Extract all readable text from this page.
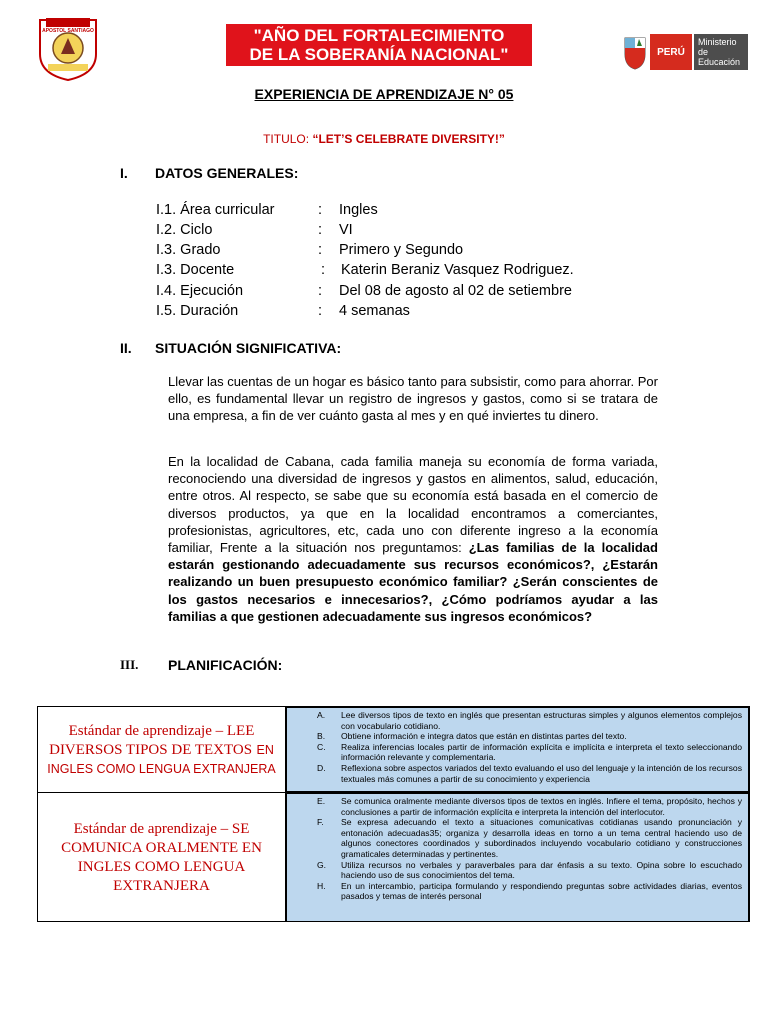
APOSTOL SANTIAGO	"AÑO DEL FORTALECIMIENTO
DE LA SOBERANÍA NACIONAL"	PERÚ
Ministerio
de Educación
EXPERIENCIA DE APRENDIZAJE N° 05
TITULO: “LET’S CELEBRATE DIVERSITY!”
I. DATOS GENERALES:
I.1. Área curricular	: Ingles
I.2. Ciclo	: VI
I.3. Grado	: Primero y Segundo
I.3. Docente	: Katerin Beraniz Vasquez Rodriguez.
I.4. Ejecución	: Del 08 de agosto al 02 de setiembre
I.5. Duración	: 4 semanas
II. SITUACIÓN SIGNIFICATIVA:
Llevar las cuentas de un hogar es básico tanto para subsistir, como para ahorrar. Por ello, es fundamental llevar un registro de ingresos y gastos, como si se tratara de una empresa, a fin de ver cuánto gasta al mes y en qué inviertes tu dinero.
En la localidad de Cabana, cada familia maneja su economía de forma variada, reconociendo una diversidad de ingresos y gastos en alimentos, salud, educación, entre otros. Al respecto, se sabe que su economía está basada en el comercio de diversos productos, ya que en la localidad encontramos a comerciantes, profesionistas, agricultores, etc, cada uno con diferente ingreso a la economía familiar, Frente a la situación nos preguntamos: ¿Las familias de la localidad estarán gestionando adecuadamente sus recursos económicos?, ¿Estarán realizando un buen presupuesto económico familiar? ¿Serán conscientes de los gastos necesarios e innecesarios?, ¿Cómo podríamos ayudar a las familias a que gestionen adecuadamente sus ingresos económicos?
III. PLANIFICACIÓN:
Estándar de aprendizaje – LEE DIVERSOS TIPOS DE TEXTOS EN INGLES COMO LENGUA EXTRANJERA
A. Lee diversos tipos de texto en inglés que presentan estructuras simples y algunos elementos complejos con vocabulario cotidiano.
B. Obtiene información e integra datos que están en distintas partes del texto.
C. Realiza inferencias locales partir de información explícita e implícita e interpreta el texto seleccionando información relevante y complementaria.
D. Reflexiona sobre aspectos variados del texto evaluando el uso del lenguaje y la intención de los recursos textuales más comunes a partir de su conocimiento y experiencia
Estándar de aprendizaje – SE COMUNICA ORALMENTE EN INGLES COMO LENGUA EXTRANJERA
E. Se comunica oralmente mediante diversos tipos de textos en inglés. Infiere el tema, propósito, hechos y conclusiones a partir de información explícita e interpreta la intención del interlocutor.
F. Se expresa adecuando el texto a situaciones comunicativas cotidianas usando pronunciación y entonación adecuadas35; organiza y desarrolla ideas en torno a un tema central haciendo uso de algunos conectores coordinados y subordinados incluyendo vocabulario cotidiano y construcciones gramaticales determinadas y pertinentes.
G. Utiliza recursos no verbales y paraverbales para dar énfasis a su texto. Opina sobre lo escuchado haciendo uso de sus conocimientos del tema.
H. En un intercambio, participa formulando y respondiendo preguntas sobre actividades diarias, eventos pasados y temas de interés personal
